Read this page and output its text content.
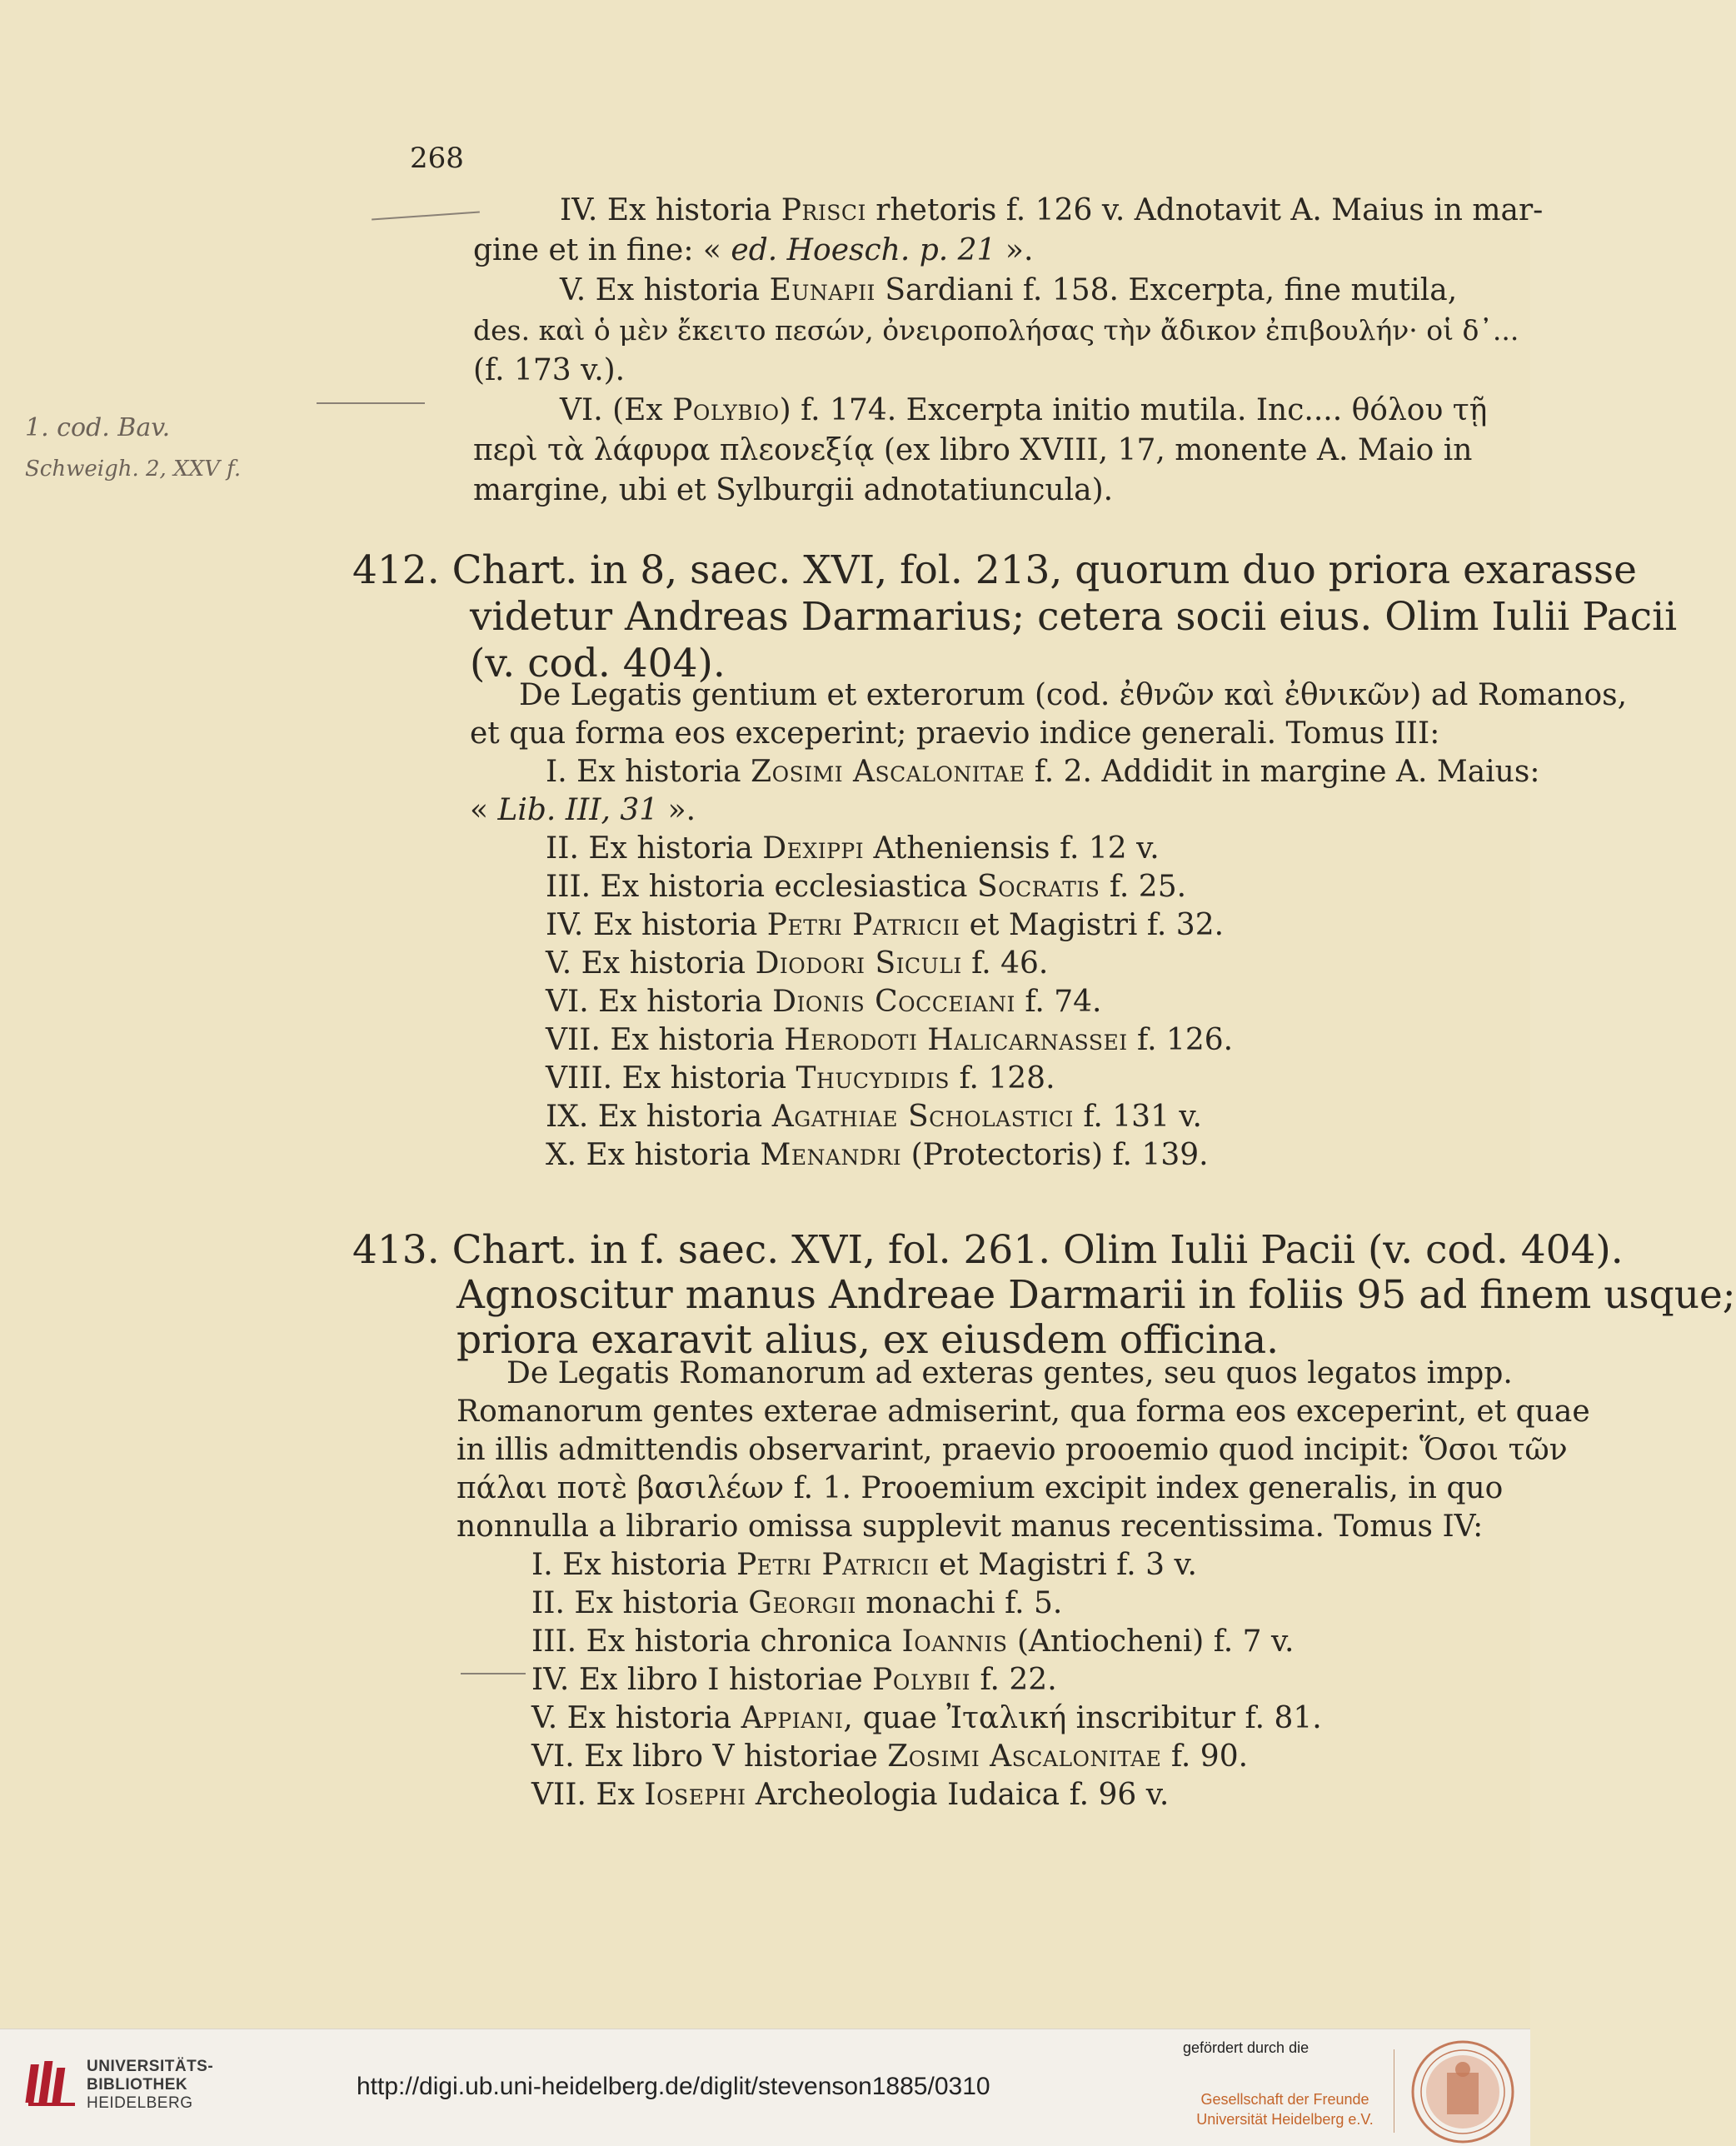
268
1. cod. Bav.
Schweigh. 2, XXV f.
IV. Ex historia Prisci rhetoris f. 126 v. Adnotavit A. Maius in mar-
gine et in fine: « ed. Hoesch. p. 21 ».
V. Ex historia Eunapii Sardiani f. 158. Excerpta, fine mutila,
des. καὶ ὁ μὲν ἔκειτο πεσών, ὀνειροπολήσας τὴν ἄδικον ἐπιβουλήν· οἱ δ᾽...
(f. 173 v.).
VI. (Ex Polybio) f. 174. Excerpta initio mutila. Inc.... θόλου τῇ
περὶ τὰ λάφυρα πλεονεξίᾳ (ex libro XVIII, 17, monente A. Maio in
margine, ubi et Sylburgii adnotatiuncula).
412. Chart. in 8, saec. XVI, fol. 213, quorum duo priora exarasse
videtur Andreas Darmarius; cetera socii eius. Olim Iulii Pacii
(v. cod. 404).
De Legatis gentium et exterorum (cod. ἐθνῶν καὶ ἐθνικῶν) ad Romanos,
et qua forma eos exceperint; praevio indice generali. Tomus III:
I. Ex historia Zosimi Ascalonitae f. 2. Addidit in margine A. Maius:
« Lib. III, 31 ».
II. Ex historia Dexippi Atheniensis f. 12 v.
III. Ex historia ecclesiastica Socratis f. 25.
IV. Ex historia Petri Patricii et Magistri f. 32.
V. Ex historia Diodori Siculi f. 46.
VI. Ex historia Dionis Cocceiani f. 74.
VII. Ex historia Herodoti Halicarnassei f. 126.
VIII. Ex historia Thucydidis f. 128.
IX. Ex historia Agathiae Scholastici f. 131 v.
X. Ex historia Menandri (Protectoris) f. 139.
413. Chart. in f. saec. XVI, fol. 261. Olim Iulii Pacii (v. cod. 404).
Agnoscitur manus Andreae Darmarii in foliis 95 ad finem usque;
priora exaravit alius, ex eiusdem officina.
De Legatis Romanorum ad exteras gentes, seu quos legatos impp.
Romanorum gentes exterae admiserint, qua forma eos exceperint, et quae
in illis admittendis observarint, praevio prooemio quod incipit: Ὅσοι τῶν
πάλαι ποτὲ βασιλέων f. 1. Prooemium excipit index generalis, in quo
nonnulla a librario omissa supplevit manus recentissima. Tomus IV:
I. Ex historia Petri Patricii et Magistri f. 3 v.
II. Ex historia Georgii monachi f. 5.
III. Ex historia chronica Ioannis (Antiocheni) f. 7 v.
IV. Ex libro I historiae Polybii f. 22.
V. Ex historia Appiani, quae Ἰταλική inscribitur f. 81.
VI. Ex libro V historiae Zosimi Ascalonitae f. 90.
VII. Ex Iosephi Archeologia Iudaica f. 96 v.
UNIVERSITÄTS-
BIBLIOTHEK
HEIDELBERG
http://digi.ub.uni-heidelberg.de/diglit/stevenson1885/0310
gefördert durch die
Gesellschaft der Freunde
Universität Heidelberg e.V.
